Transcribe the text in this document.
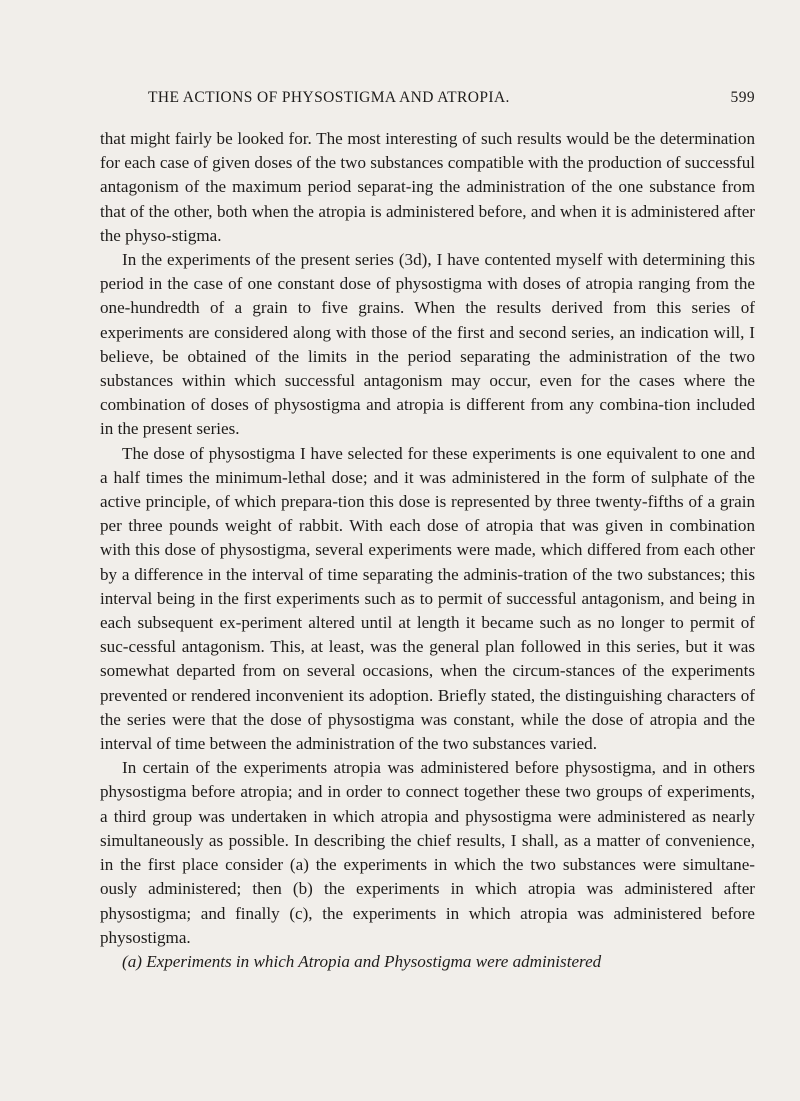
THE ACTIONS OF PHYSOSTIGMA AND ATROPIA.	599

that might fairly be looked for. The most interesting of such results would be the determination for each case of given doses of the two substances compatible with the production of successful antagonism of the maximum period separat-ing the administration of the one substance from that of the other, both when the atropia is administered before, and when it is administered after the physo-stigma.

In the experiments of the present series (3d), I have contented myself with determining this period in the case of one constant dose of physostigma with doses of atropia ranging from the one-hundredth of a grain to five grains. When the results derived from this series of experiments are considered along with those of the first and second series, an indication will, I believe, be obtained of the limits in the period separating the administration of the two substances within which successful antagonism may occur, even for the cases where the combination of doses of physostigma and atropia is different from any combina-tion included in the present series.

The dose of physostigma I have selected for these experiments is one equivalent to one and a half times the minimum-lethal dose; and it was administered in the form of sulphate of the active principle, of which prepara-tion this dose is represented by three twenty-fifths of a grain per three pounds weight of rabbit. With each dose of atropia that was given in combination with this dose of physostigma, several experiments were made, which differed from each other by a difference in the interval of time separating the adminis-tration of the two substances; this interval being in the first experiments such as to permit of successful antagonism, and being in each subsequent ex-periment altered until at length it became such as no longer to permit of suc-cessful antagonism. This, at least, was the general plan followed in this series, but it was somewhat departed from on several occasions, when the circum-stances of the experiments prevented or rendered inconvenient its adoption. Briefly stated, the distinguishing characters of the series were that the dose of physostigma was constant, while the dose of atropia and the interval of time between the administration of the two substances varied.

In certain of the experiments atropia was administered before physostigma, and in others physostigma before atropia; and in order to connect together these two groups of experiments, a third group was undertaken in which atropia and physostigma were administered as nearly simultaneously as possible. In describing the chief results, I shall, as a matter of convenience, in the first place consider (a) the experiments in which the two substances were simultane-ously administered; then (b) the experiments in which atropia was administered after physostigma; and finally (c), the experiments in which atropia was administered before physostigma.

(a) Experiments in which Atropia and Physostigma were administered
